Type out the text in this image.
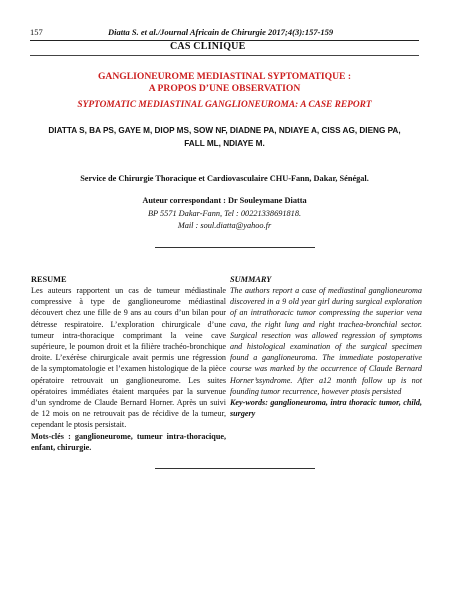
157	Diatta S. et al./Journal Africain de Chirurgie 2017;4(3):157-159
CAS CLINIQUE
GANGLIONEUROME MEDIASTINAL SYPTOMATIQUE :
A PROPOS D’UNE OBSERVATION
SYPTOMATIC MEDIASTINAL GANGLIONEUROMA: A CASE REPORT
DIATTA S, BA PS, GAYE M, DIOP MS, SOW NF, DIADNE PA, NDIAYE A, CISS AG, DIENG PA,
FALL ML, NDIAYE M.
Service de Chirurgie Thoracique et Cardiovasculaire CHU-Fann, Dakar, Sénégal.
Auteur correspondant : Dr Souleymane Diatta
BP 5571 Dakar-Fann, Tel : 00221338691818.
Mail : soul.diatta@yahoo.fr
RESUME
Les auteurs rapportent un cas de tumeur médiastinale compressive à type de ganglioneurome médiastinal découvert chez une fille de 9 ans au cours d’un bilan pour détresse respiratoire. L’exploration chirurgicale d’une tumeur intra-thoracique comprimant la veine cave supérieure, le poumon droit et la filière trachéo-bronchique droite. L’exérèse chirurgicale avait permis une régression de la symptomatologie et l’examen histologique de la pièce opératoire retrouvait un ganglioneurome. Les suites opératoires immédiates étaient marquées par la survenue d’un syndrome de Claude Bernard Horner. Après un suivi de 12 mois on ne retrouvait pas de récidive de la tumeur, cependant le ptosis persistait.
Mots-clés : ganglioneurome, tumeur intra-thoracique, enfant, chirurgie.
SUMMARY
The authors report a case of mediastinal ganglioneuroma discovered in a 9 old year girl during surgical exploration of an intrathoracic tumor compressing the superior vena cava, the right lung and right trachea-bronchial sector. Surgical resection was allowed regression of symptoms and histological examination of the surgical specimen found a ganglioneuroma. The immediate postoperative course was marked by the occurrence of Claude Bernard Horner’ssyndrome. After a12 month follow up is not founding tumor recurrence, however ptosis persisted
Key-words: ganglioneuroma, intra thoracic tumor, child, surgery
